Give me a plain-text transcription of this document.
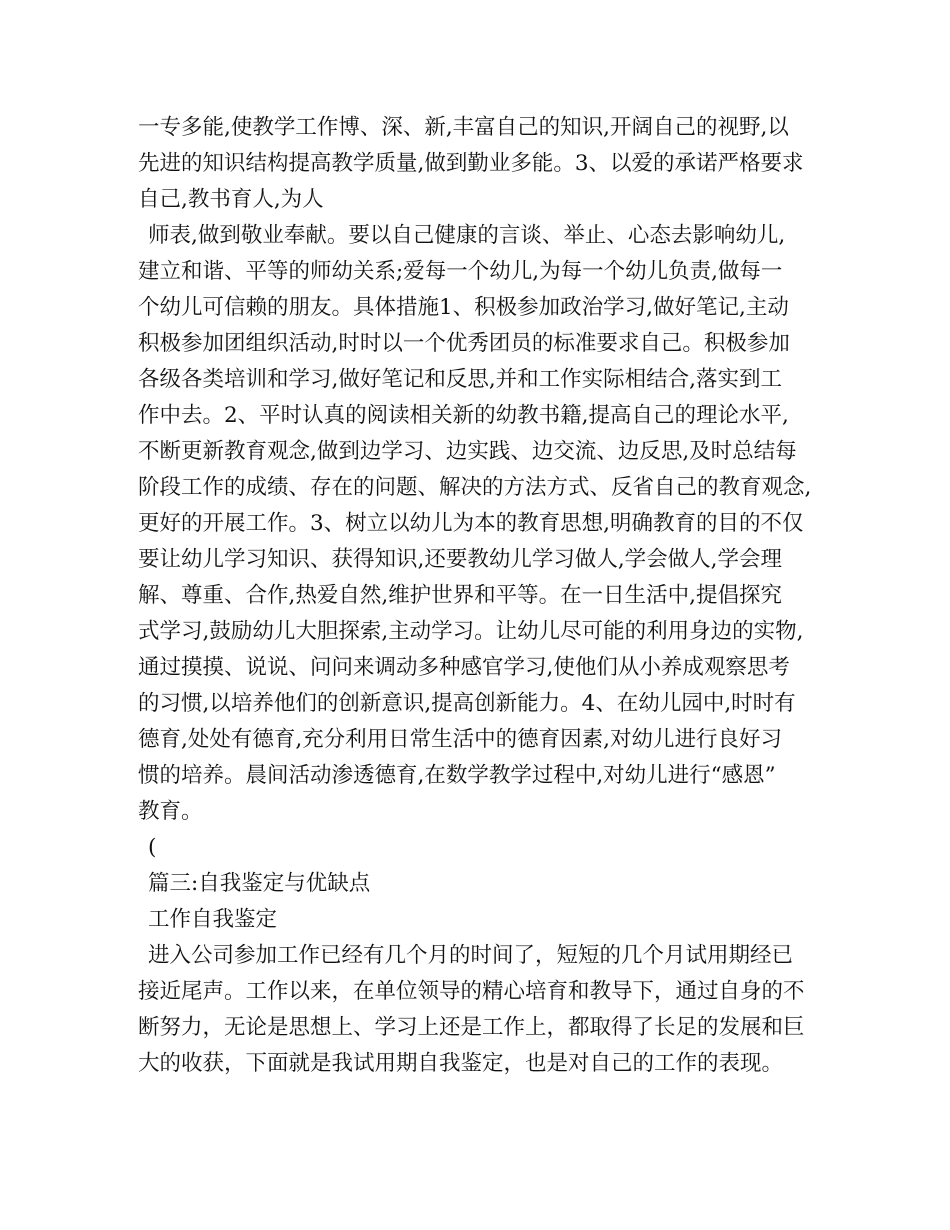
一专多能,使教学工作博、深、新,丰富自己的知识,开阔自己的视野,以
先进的知识结构提高教学质量,做到勤业多能。3、以爱的承诺严格要求
自己,教书育人,为人
师表,做到敬业奉献。要以自己健康的言谈、举止、心态去影响幼儿,
建立和谐、平等的师幼关系;爱每一个幼儿,为每一个幼儿负责,做每一
个幼儿可信赖的朋友。具体措施1、积极参加政治学习,做好笔记,主动
积极参加团组织活动,时时以一个优秀团员的标准要求自己。积极参加
各级各类培训和学习,做好笔记和反思,并和工作实际相结合,落实到工
作中去。2、平时认真的阅读相关新的幼教书籍,提高自己的理论水平,
不断更新教育观念,做到边学习、边实践、边交流、边反思,及时总结每
阶段工作的成绩、存在的问题、解决的方法方式、反省自己的教育观念,
更好的开展工作。3、树立以幼儿为本的教育思想,明确教育的目的不仅
要让幼儿学习知识、获得知识,还要教幼儿学习做人,学会做人,学会理
解、尊重、合作,热爱自然,维护世界和平等。在一日生活中,提倡探究
式学习,鼓励幼儿大胆探索,主动学习。让幼儿尽可能的利用身边的实物,
通过摸摸、说说、问问来调动多种感官学习,使他们从小养成观察思考
的习惯,以培养他们的创新意识,提高创新能力。4、在幼儿园中,时时有
德育,处处有德育,充分利用日常生活中的德育因素,对幼儿进行良好习
惯的培养。晨间活动渗透德育,在数学教学过程中,对幼儿进行“感恩”
教育。
(
篇三:自我鉴定与优缺点
工作自我鉴定
进入公司参加工作已经有几个月的时间了，短短的几个月试用期经已
接近尾声。工作以来，在单位领导的精心培育和教导下，通过自身的不
断努力，无论是思想上、学习上还是工作上，都取得了长足的发展和巨
大的收获，下面就是我试用期自我鉴定，也是对自己的工作的表现。
